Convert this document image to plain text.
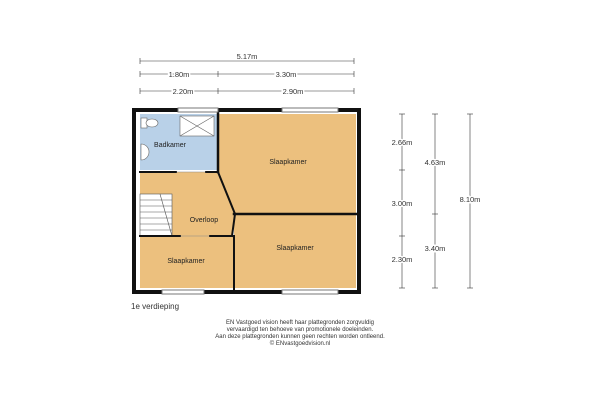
5.17m
1.80m	3.30m
2.20m	2.90m
2.66m
3.00m
2.30m
4.63m
3.40m
8.10m
Badkamer
Slaapkamer
Overloop
Slaapkamer
Slaapkamer
1e verdieping
EN Vastgoed vision heeft haar plattegronden zorgvuldig
vervaardigd ten behoeve van promotionele doeleinden.
Aan deze plattegronden kunnen geen rechten worden ontleend.
© ENvastgoedvision.nl
